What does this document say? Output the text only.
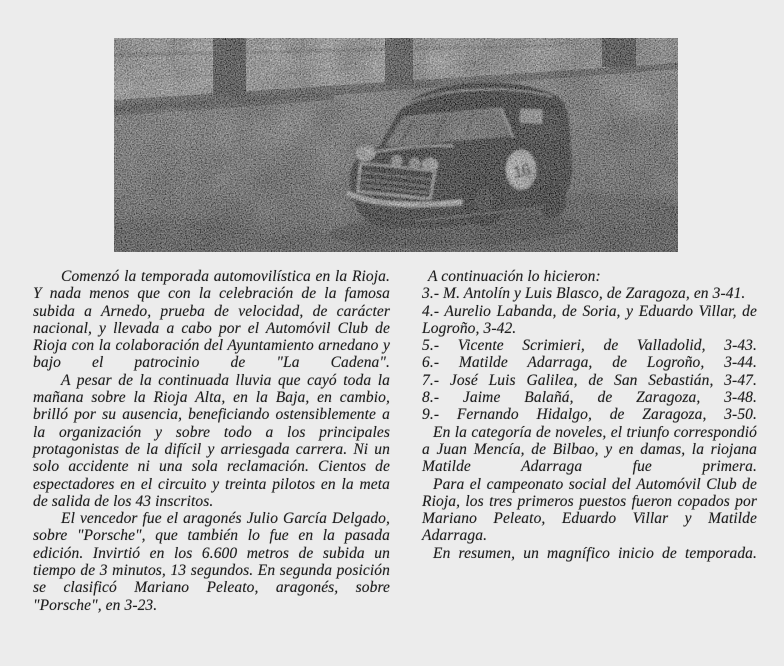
Comenzó la temporada automovilística en la Rioja. Y nada menos que con la celebración de la famosa subida a Arnedo, prueba de velocidad, de carácter nacional, y llevada a cabo por el Automóvil Club de Rioja con la colaboración del Ayuntamiento arnedano y bajo el patrocinio de "La Cadena".

A pesar de la continuada lluvia que cayó toda la mañana sobre la Rioja Alta, en la Baja, en cambio, brilló por su ausencia, beneficiando ostensiblemente a la organización y sobre todo a los principales protagonistas de la difícil y arriesgada carrera. Ni un solo accidente ni una sola reclamación. Cientos de espectadores en el circuito y treinta pilotos en la meta de salida de los 43 inscritos.

El vencedor fue el aragonés Julio García Delgado, sobre "Porsche", que también lo fue en la pasada edición. Invirtió en los 6.600 metros de subida un tiempo de 3 minutos, 13 segundos. En segunda posición se clasificó Mariano Peleato, aragonés, sobre "Porsche", en 3-23.

A continuación lo hicieron:

3.- M. Antolín y Luis Blasco, de Zaragoza, en 3-41.

4.- Aurelio Labanda, de Soria, y Eduardo Villar, de Logroño, 3-42.

5.- Vicente Scrimieri, de Valladolid, 3-43.

6.- Matilde Adarraga, de Logroño, 3-44.

7.- José Luis Galilea, de San Sebastián, 3-47.

8.- Jaime Balañá, de Zaragoza, 3-48.

9.- Fernando Hidalgo, de Zaragoza, 3-50.

En la categoría de noveles, el triunfo correspondió a Juan Mencía, de Bilbao, y en damas, la riojana Matilde Adarraga fue primera.

Para el campeonato social del Automóvil Club de Rioja, los tres primeros puestos fueron copados por Mariano Peleato, Eduardo Villar y Matilde Adarraga.

En resumen, un magnífico inicio de temporada.
